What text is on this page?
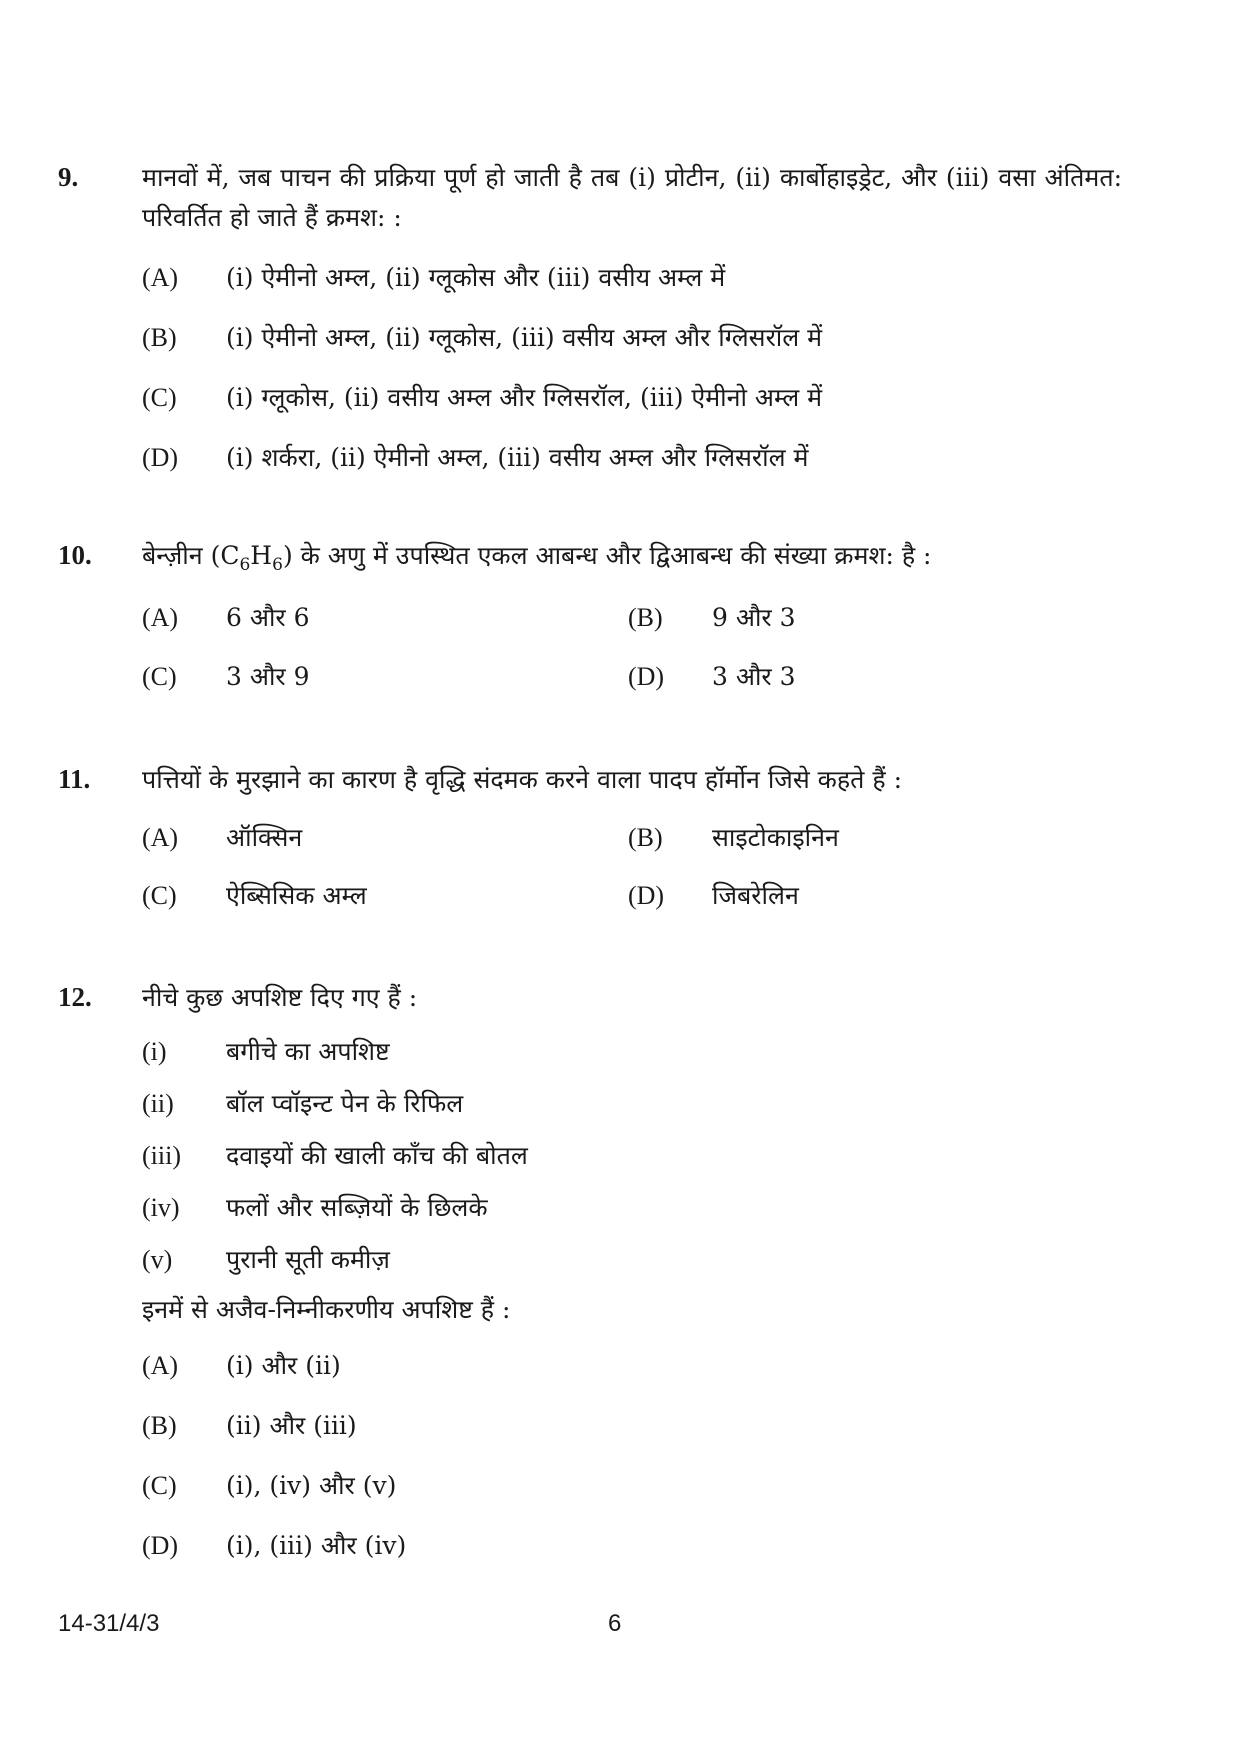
9.	मानवों में, जब पाचन की प्रक्रिया पूर्ण हो जाती है तब (i) प्रोटीन, (ii) कार्बोहाइड्रेट, और (iii) वसा अंतिमत: परिवर्तित हो जाते हैं क्रमश: :
(A) (i) ऐमीनो अम्ल, (ii) ग्लूकोस और (iii) वसीय अम्ल में
(B) (i) ऐमीनो अम्ल, (ii) ग्लूकोस, (iii) वसीय अम्ल और ग्लिसरॉल में
(C) (i) ग्लूकोस, (ii) वसीय अम्ल और ग्लिसरॉल, (iii) ऐमीनो अम्ल में
(D) (i) शर्करा, (ii) ऐमीनो अम्ल, (iii) वसीय अम्ल और ग्लिसरॉल में
10. बेन्ज़ीन $(C_6H_6)$ के अणु में उपस्थित एकल आबन्ध और द्विआबन्ध की संख्या क्रमश: है :
(A) 6 और 6	(B) 9 और 3
(C) 3 और 9	(D) 3 और 3
11. पत्तियों के मुरझाने का कारण है वृद्धि संदमक करने वाला पादप हॉर्मोन जिसे कहते हैं :
(A) ऑक्सिन	(B) साइटोकाइनिन
(C) ऐब्सिसिक अम्ल	(D) जिबरेलिन
12. नीचे कुछ अपशिष्ट दिए गए हैं :
(i) बगीचे का अपशिष्ट
(ii) बॉल प्वॉइन्ट पेन के रिफिल
(iii) दवाइयों की खाली काँच की बोतल
(iv) फलों और सब्ज़ियों के छिलके
(v) पुरानी सूती कमीज़
इनमें से अजैव-निम्नीकरणीय अपशिष्ट हैं :
(A) (i) और (ii)
(B) (ii) और (iii)
(C) (i), (iv) और (v)
(D) (i), (iii) और (iv)
14-31/4/3	6
